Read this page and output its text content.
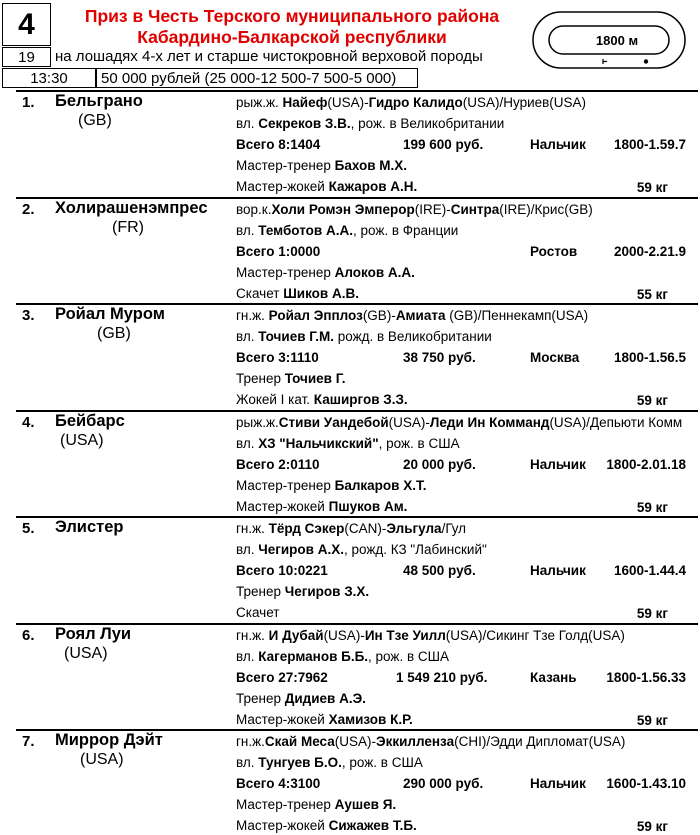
4
19
13:30	50 000 рублей (25 000-12 500-7 500-5 000)
Приз в Честь Терского муниципального района
Кабардино-Балкарской республики
на лошадях 4-х лет и старше чистокровной верховой породы
1800 м
1. Бельграно
(GB)
рыж.ж. Найеф(USA)-Гидро Калидо(USA)/Нуриев(USA)
вл. Секреков З.В., рож. в Великобритании
Всего 8:1404	199 600 руб.	Нальчик 1800-1.59.7
Мастер-тренер Бахов М.Х.
Мастер-жокей Кажаров А.Н.	59 кг
2. Холирашенэмпрес
(FR)
вор.к.Холи Ромэн Эмперор(IRE)-Синтра(IRE)/Крис(GB)
вл. Темботов А.А., рож. в Франции
Всего 1:0000	Ростов	2000-2.21.9
Мастер-тренер Алоков А.А.
Скачет Шиков А.В.	55 кг
3. Ройал Муром
(GB)
гн.ж. Ройал Эпплоз(GB)-Амиата (GB)/Пеннекамп(USA)
вл. Точиев Г.М. рожд. в Великобритании
Всего 3:1110	38 750 руб.	Москва	1800-1.56.5
Тренер Точиев Г.
Жокей I кат. Каширгов З.З.	59 кг
4. Бейбарс
(USA)
рыж.ж.Стиви Уандебой(USA)-Леди Ин Комманд(USA)/Депьюти Комм
вл. ХЗ "Нальчикский", рож. в США
Всего 2:0110	20 000 руб.	Нальчик 1800-2.01.18
Мастер-тренер Балкаров Х.Т.
Мастер-жокей Пшуков Ам.	59 кг
5. Элистер	гн.ж. Тёрд Сэкер(CAN)-Эльгула/Гул
вл. Чегиров А.Х., рожд. КЗ "Лабинский"
Всего 10:0221	48 500 руб.	Нальчик 1600-1.44.4
Тренер Чегиров З.Х.
Скачет	59 кг
6. Роял Луи
(USA)
гн.ж. И Дубай(USA)-Ин Тзе Уилл(USA)/Сикинг Тзе Голд(USA)
вл. Кагерманов Б.Б., рож. в США
Всего 27:7962	1 549 210 руб.	Казань 1800-1.56.33
Тренер Дидиев А.Э.
Мастер-жокей Хамизов К.Р.	59 кг
7. Миррор Дэйт
(USA)
гн.ж.Скай Меса(USA)-Эккилленза(CHI)/Эдди Дипломат(USA)
вл. Тунгуев Б.О., рож. в США
Всего 4:3100	290 000 руб.	Нальчик 1600-1.43.10
Мастер-тренер Аушев Я.
Мастер-жокей Сижажев Т.Б.	59 кг
